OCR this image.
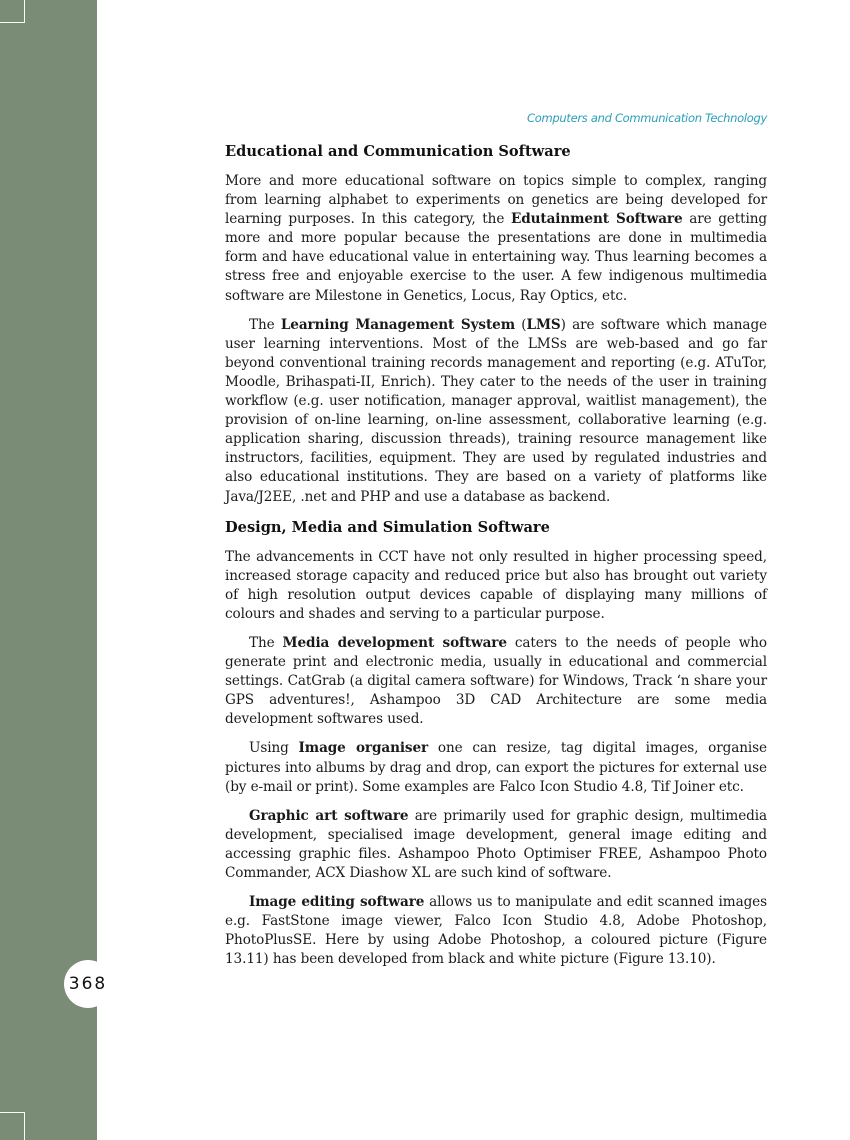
368
Computers and Communication Technology
Educational and Communication Software

More and more educational software on topics simple to complex, ranging from learning alphabet to experiments on genetics are being developed for learning purposes. In this category, the Edutainment Software are getting more and more popular because the presentations are done in multimedia form and have educational value in entertaining way. Thus learning becomes a stress free and enjoyable exercise to the user. A few indigenous multimedia software are Milestone in Genetics, Locus, Ray Optics, etc.

The Learning Management System (LMS) are software which manage user learning interventions. Most of the LMSs are web-based and go far beyond conventional training records management and reporting (e.g. ATuTor, Moodle, Brihaspati-II, Enrich). They cater to the needs of the user in training workflow (e.g. user notification, manager approval, waitlist management), the provision of on-line learning, on-line assessment, collaborative learning (e.g. application sharing, discussion threads), training resource management like instructors, facilities, equipment. They are used by regulated industries and also educational institutions. They are based on a variety of platforms like Java/J2EE, .net and PHP and use a database as backend.

Design, Media and Simulation Software

The advancements in CCT have not only resulted in higher processing speed, increased storage capacity and reduced price but also has brought out variety of high resolution output devices capable of displaying many millions of colours and shades and serving to a particular purpose.

The Media development software caters to the needs of people who generate print and electronic media, usually in educational and commercial settings. CatGrab (a digital camera software) for Windows, Track ‘n share your GPS adventures!, Ashampoo 3D CAD Architecture are some media development softwares used.

Using Image organiser one can resize, tag digital images, organise pictures into albums by drag and drop, can export the pictures for external use (by e-mail or print). Some examples are Falco Icon Studio 4.8, Tif Joiner etc.

Graphic art software are primarily used for graphic design, multimedia development, specialised image development, general image editing and accessing graphic files. Ashampoo Photo Optimiser FREE, Ashampoo Photo Commander, ACX Diashow XL are such kind of software.

Image editing software allows us to manipulate and edit scanned images e.g. FastStone image viewer, Falco Icon Studio 4.8, Adobe Photoshop, PhotoPlusSE. Here by using Adobe Photoshop, a coloured picture (Figure 13.11) has been developed from black and white picture (Figure 13.10).
